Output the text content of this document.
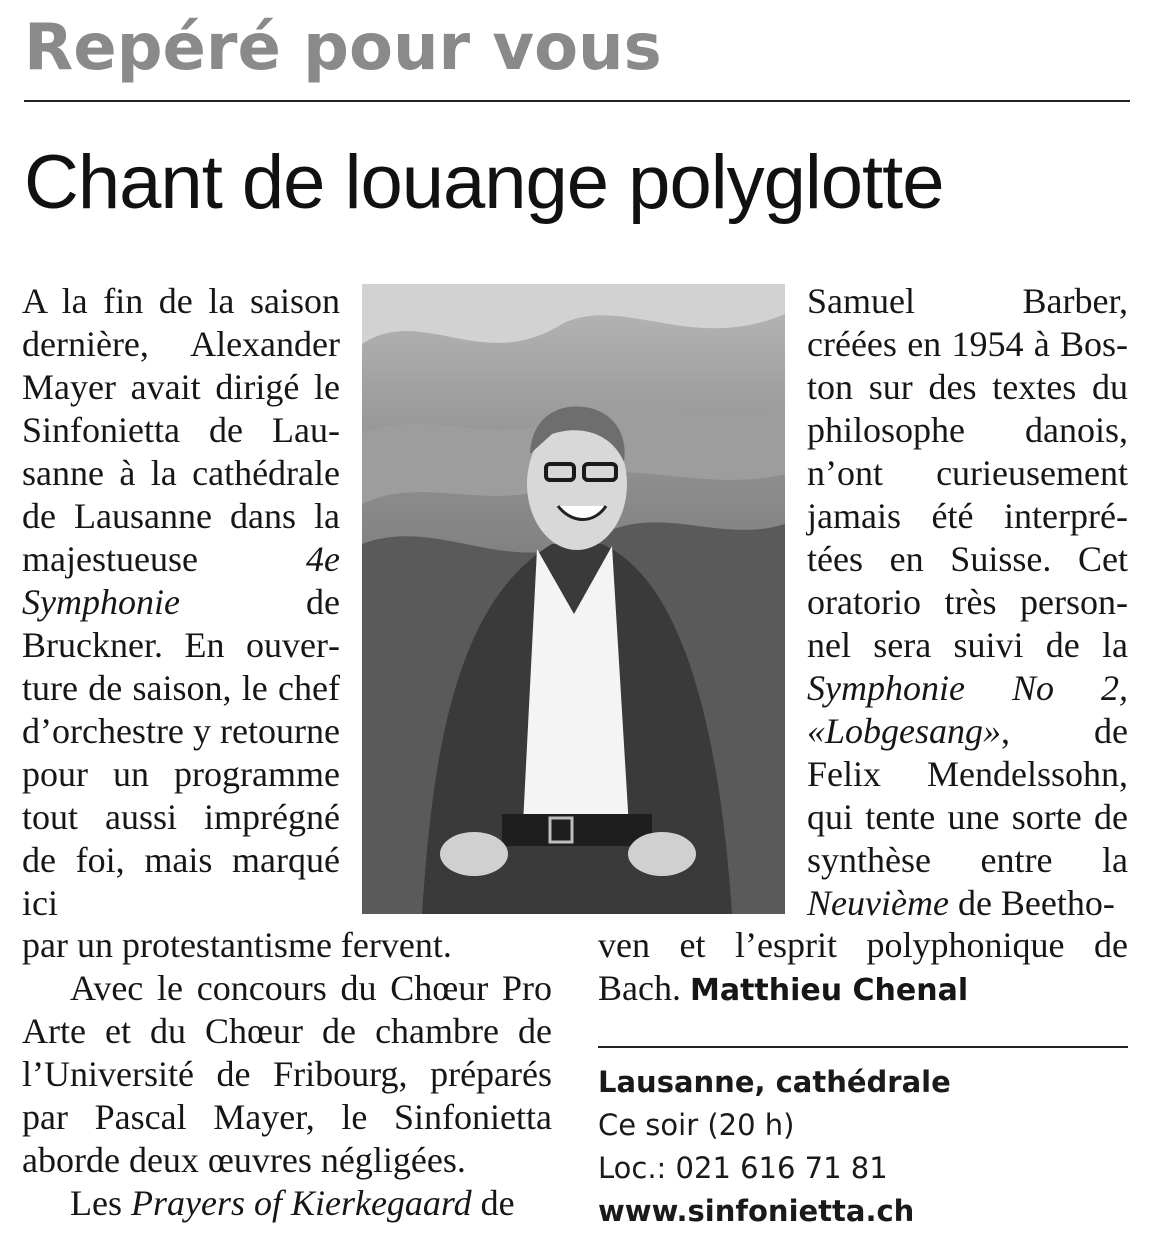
Repéré pour vous
Chant de louange polyglotte

A la fin de la saison dernière, Alexander Mayer avait dirigé le Sinfonietta de Lausanne à la cathédrale de Lausanne dans la majestueuse 4e Symphonie de Bruckner. En ouverture de saison, le chef d’orchestre y retourne pour un programme tout aussi imprégné de foi, mais marqué ici

Samuel Barber, créées en 1954 à Boston sur des textes du philosophe danois, n’ont curieusement jamais été interprétées en Suisse. Cet oratorio très personnel sera suivi de la Symphonie No 2, «Lobgesang», de Felix Mendelssohn, qui tente une sorte de synthèse entre la Neuvième de Beetho-

par un protestantisme fervent.

Avec le concours du Chœur Pro Arte et du Chœur de chambre de l’Université de Fribourg, préparés par Pascal Mayer, le Sinfonietta aborde deux œuvres négligées.

Les Prayers of Kierkegaard de

ven et l’esprit polyphonique de Bach. Matthieu Chenal

Lausanne, cathédrale
Ce soir (20 h)
Loc.: 021 616 71 81
www.sinfonietta.ch
